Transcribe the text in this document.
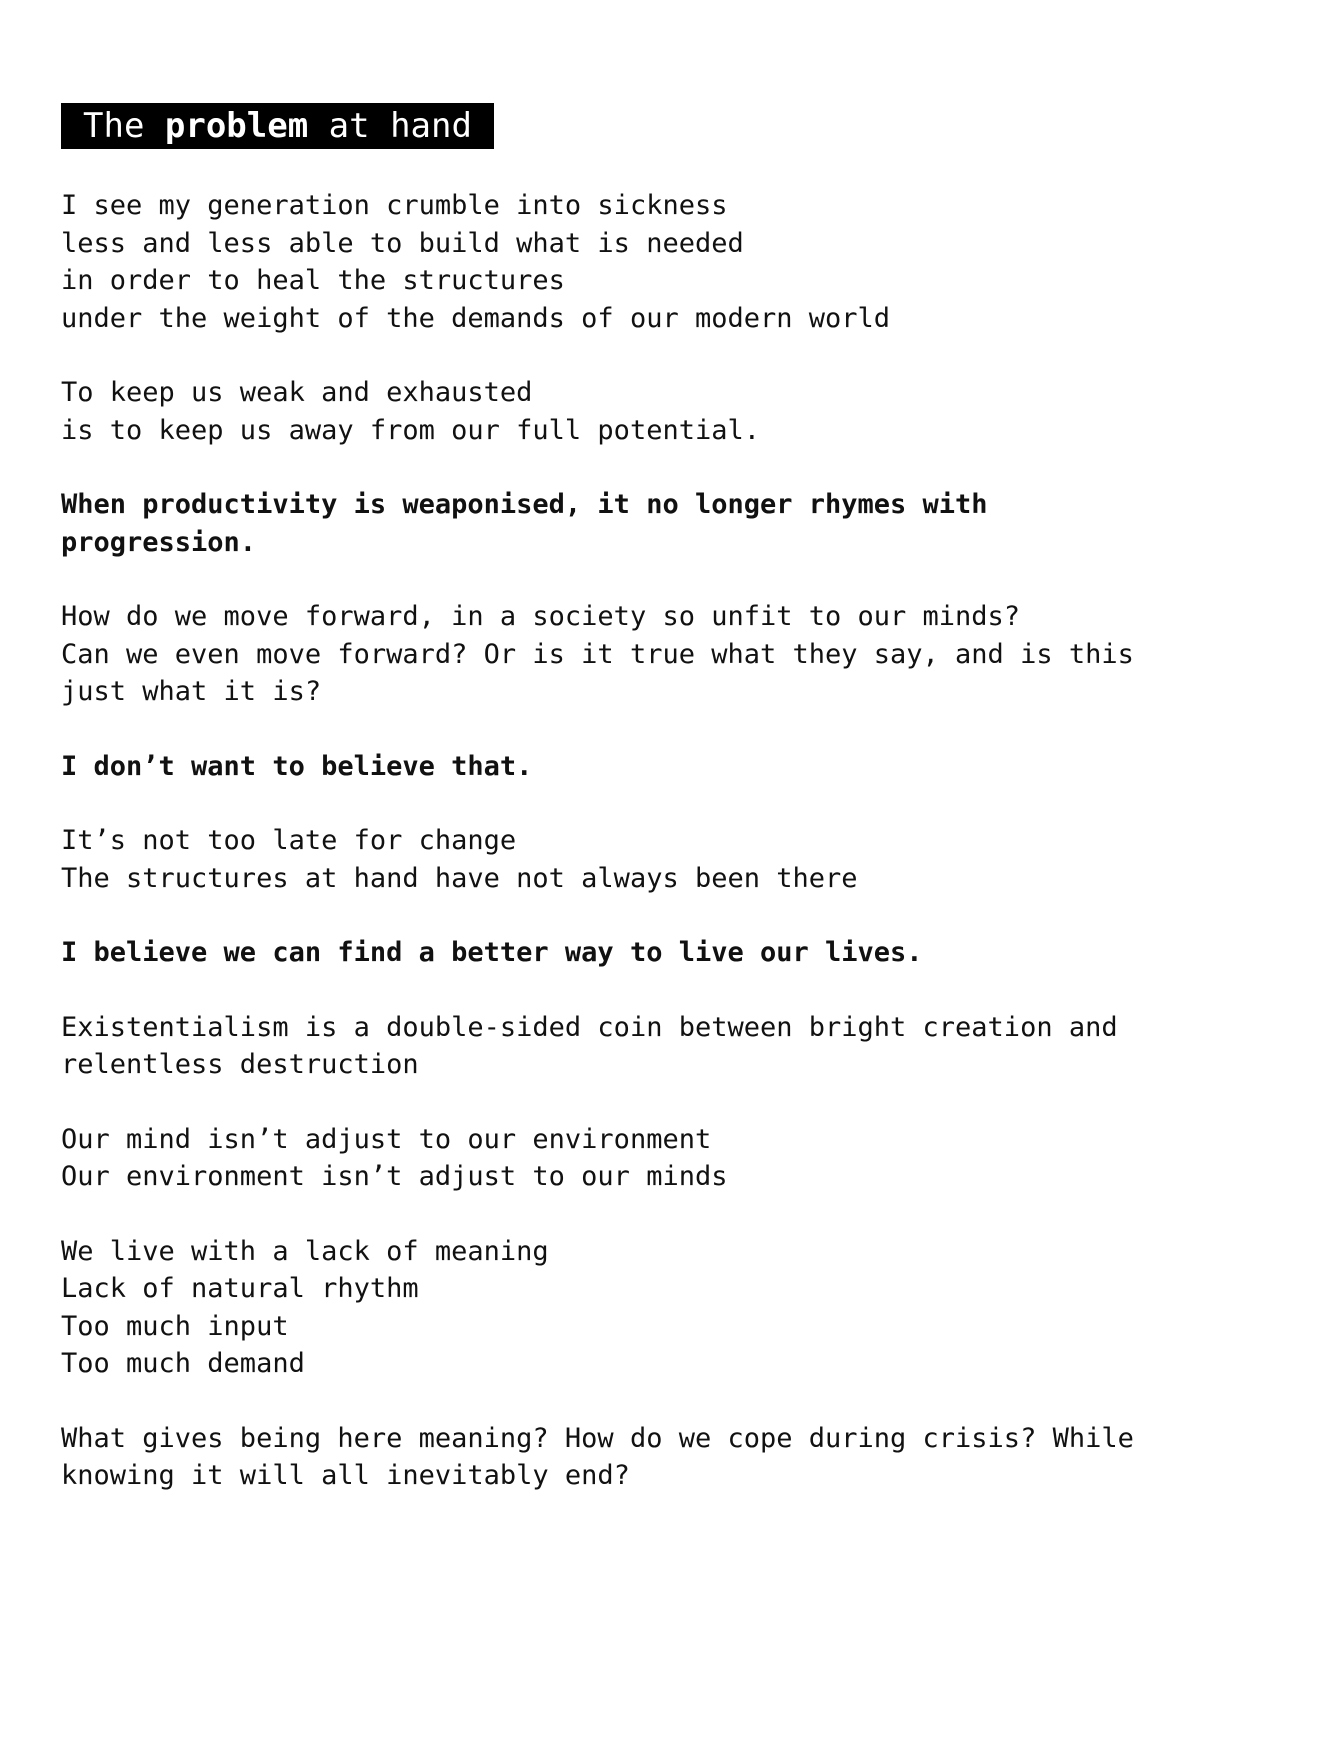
The problem at hand
I see my generation crumble into sickness
less and less able to build what is needed
in order to heal the structures
under the weight of the demands of our modern world
To keep us weak and exhausted
is to keep us away from our full potential.
When productivity is weaponised, it no longer rhymes with
progression.
How do we move forward, in a society so unfit to our minds?
Can we even move forward? Or is it true what they say, and is this
just what it is?
I don’t want to believe that.
It’s not too late for change
The structures at hand have not always been there
I believe we can find a better way to live our lives.
Existentialism is a double-sided coin between bright creation and
relentless destruction
Our mind isn’t adjust to our environment
Our environment isn’t adjust to our minds
We live with a lack of meaning
Lack of natural rhythm
Too much input
Too much demand
What gives being here meaning? How do we cope during crisis? While
knowing it will all inevitably end?
